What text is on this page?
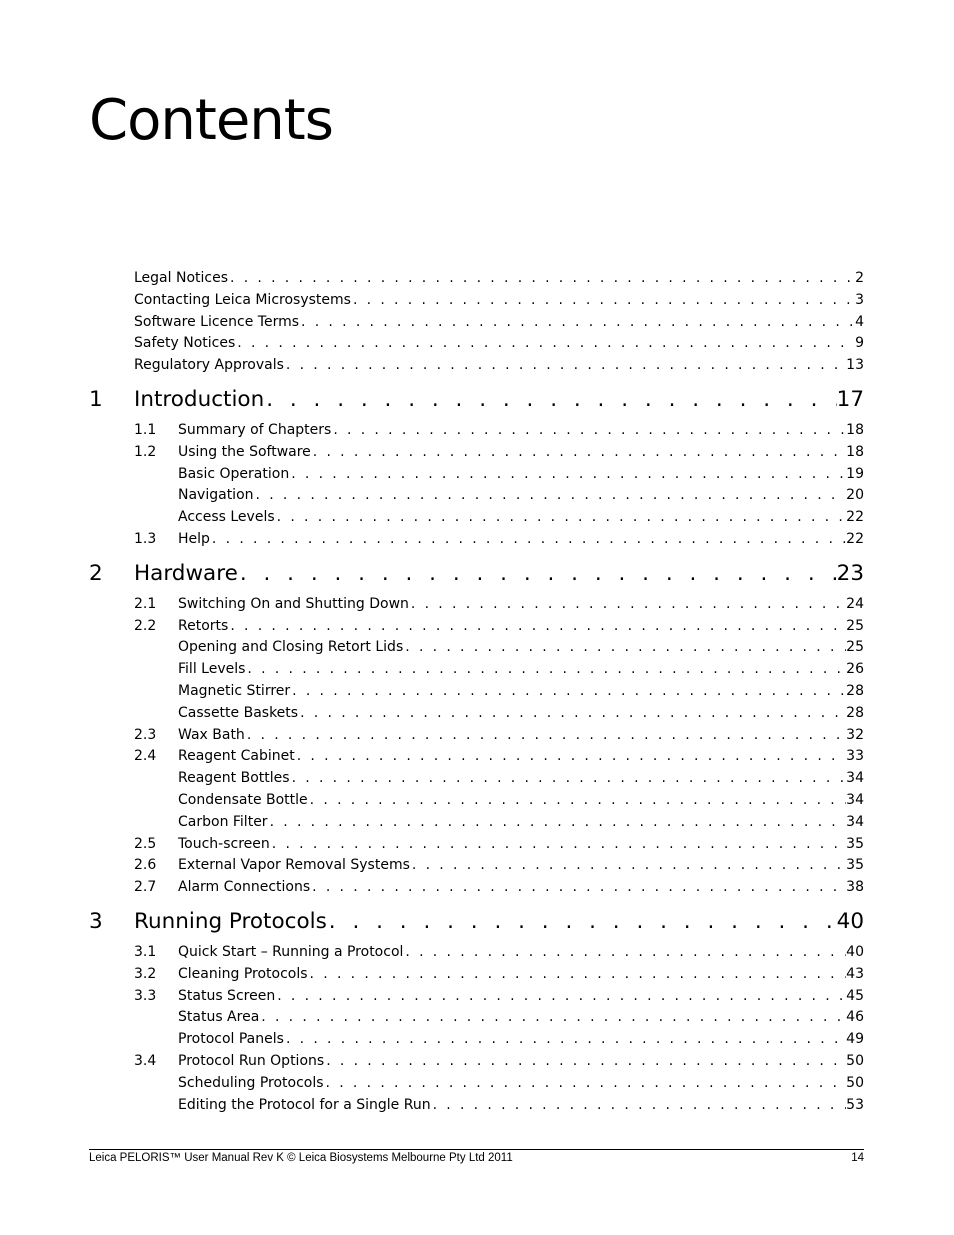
Contents
Legal Notices . . .	2
Contacting Leica Microsystems . . .	3
Software Licence Terms . . .	4
Safety Notices . . .	9
Regulatory Approvals . . .	13
1	Introduction . . .	17
1.1	Summary of Chapters . . .	18
1.2	Using the Software . . .	18
Basic Operation . . .	19
Navigation . . .	20
Access Levels . . .	22
1.3	Help . . .	22
2	Hardware . . .	23
2.1	Switching On and Shutting Down . . .	24
2.2	Retorts . . .	25
Opening and Closing Retort Lids . . .	25
Fill Levels . . .	26
Magnetic Stirrer . . .	28
Cassette Baskets . . .	28
2.3	Wax Bath . . .	32
2.4	Reagent Cabinet . . .	33
Reagent Bottles . . .	34
Condensate Bottle . . .	34
Carbon Filter . . .	34
2.5	Touch-screen . . .	35
2.6	External Vapor Removal Systems . . .	35
2.7	Alarm Connections . . .	38
3	Running Protocols . . .	40
3.1	Quick Start – Running a Protocol . . .	40
3.2	Cleaning Protocols . . .	43
3.3	Status Screen . . .	45
Status Area . . .	46
Protocol Panels . . .	49
3.4	Protocol Run Options . . .	50
Scheduling Protocols . . .	50
Editing the Protocol for a Single Run . . .	53
Leica PELORIS™ User Manual Rev K © Leica Biosystems Melbourne Pty Ltd 2011	14
